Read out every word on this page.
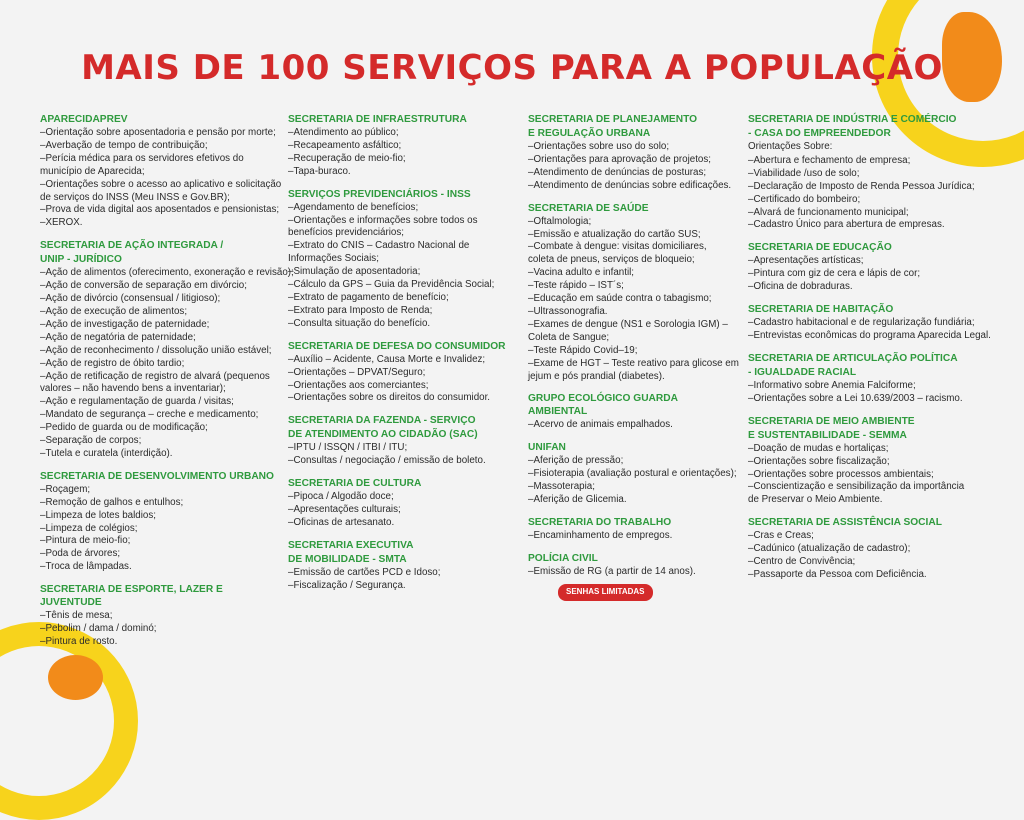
MAIS DE 100 SERVIÇOS PARA A POPULAÇÃO
APARECIDAPREV
–Orientação sobre aposentadoria e pensão por morte;
–Averbação de tempo de contribuição;
–Perícia médica para os servidores efetivos do
município de Aparecida;
–Orientações sobre o acesso ao aplicativo e solicitação
de serviços do INSS (Meu INSS e Gov.BR);
–Prova de vida digital aos aposentados e pensionistas;
–XEROX.
SECRETARIA DE AÇÃO INTEGRADA /
UNIP - JURÍDICO
–Ação de alimentos (oferecimento, exoneração e revisão);
–Ação de conversão de separação em divórcio;
–Ação de divórcio (consensual / litigioso);
–Ação de execução de alimentos;
–Ação de investigação de paternidade;
–Ação de negatória de paternidade;
–Ação de reconhecimento / dissolução união estável;
–Ação de registro de óbito tardio;
–Ação de retificação de registro de alvará (pequenos
valores – não havendo bens a inventariar);
–Ação e regulamentação de guarda / visitas;
–Mandato de segurança – creche e medicamento;
–Pedido de guarda ou de modificação;
–Separação de corpos;
–Tutela e curatela (interdição).
SECRETARIA DE DESENVOLVIMENTO URBANO
–Roçagem;
–Remoção de galhos e entulhos;
–Limpeza de lotes baldios;
–Limpeza de colégios;
–Pintura de meio-fio;
–Poda de árvores;
–Troca de lâmpadas.
SECRETARIA DE ESPORTE, LAZER E JUVENTUDE
–Tênis de mesa;
–Pebolim / dama / dominó;
–Pintura de rosto.
SECRETARIA DE INFRAESTRUTURA
–Atendimento ao público;
–Recapeamento asfáltico;
–Recuperação de meio-fio;
–Tapa-buraco.
SERVIÇOS PREVIDENCIÁRIOS - INSS
–Agendamento de benefícios;
–Orientações e informações sobre todos os
benefícios previdenciários;
–Extrato do CNIS – Cadastro Nacional de
Informações Sociais;
–Simulação de aposentadoria;
–Cálculo da GPS – Guia da Previdência Social;
–Extrato de pagamento de benefício;
–Extrato para Imposto de Renda;
–Consulta situação do benefício.
SECRETARIA DE DEFESA DO CONSUMIDOR
–Auxílio – Acidente, Causa Morte e Invalidez;
–Orientações – DPVAT/Seguro;
–Orientações aos comerciantes;
–Orientações sobre os direitos do consumidor.
SECRETARIA DA FAZENDA - SERVIÇO
DE ATENDIMENTO AO CIDADÃO (SAC)
–IPTU / ISSQN / ITBI / ITU;
–Consultas / negociação / emissão de boleto.
SECRETARIA DE CULTURA
–Pipoca / Algodão doce;
–Apresentações culturais;
–Oficinas de artesanato.
SECRETARIA EXECUTIVA
DE MOBILIDADE - SMTA
–Emissão de cartões PCD e Idoso;
–Fiscalização / Segurança.
SECRETARIA DE PLANEJAMENTO
E REGULAÇÃO URBANA
–Orientações sobre uso do solo;
–Orientações para aprovação de projetos;
–Atendimento de denúncias de posturas;
–Atendimento de denúncias sobre edificações.
SECRETARIA DE SAÚDE
–Oftalmologia;
–Emissão e atualização do cartão SUS;
–Combate à dengue: visitas domiciliares,
coleta de pneus, serviços de bloqueio;
–Vacina adulto e infantil;
–Teste rápido – IST´s;
–Educação em saúde contra o tabagismo;
–Ultrassonografia.
–Exames de dengue (NS1 e Sorologia IGM) –
Coleta de Sangue;
–Teste Rápido Covid–19;
–Exame de HGT – Teste reativo para glicose em
jejum e pós prandial (diabetes).
GRUPO ECOLÓGICO GUARDA AMBIENTAL
–Acervo de animais empalhados.
UNIFAN
–Aferição de pressão;
–Fisioterapia (avaliação postural e orientações);
–Massoterapia;
–Aferição de Glicemia.
SECRETARIA DO TRABALHO
–Encaminhamento de empregos.
POLÍCIA CIVIL
–Emissão de RG (a partir de 14 anos).
SENHAS LIMITADAS
SECRETARIA DE INDÚSTRIA E COMÉRCIO
- CASA DO EMPREENDEDOR
Orientações Sobre:
–Abertura e fechamento de empresa;
–Viabilidade /uso de solo;
–Declaração de Imposto de Renda Pessoa Jurídica;
–Certificado do bombeiro;
–Alvará de funcionamento municipal;
–Cadastro Único para abertura de empresas.
SECRETARIA DE EDUCAÇÃO
–Apresentações artísticas;
–Pintura com giz de cera e lápis de cor;
–Oficina de dobraduras.
SECRETARIA DE HABITAÇÃO
–Cadastro habitacional e de regularização fundiária;
–Entrevistas econômicas do programa Aparecida Legal.
SECRETARIA DE ARTICULAÇÃO POLÍTICA
- IGUALDADE RACIAL
–Informativo sobre Anemia Falciforme;
–Orientações sobre a Lei 10.639/2003 – racismo.
SECRETARIA DE MEIO AMBIENTE
E SUSTENTABILIDADE - SEMMA
–Doação de mudas e hortaliças;
–Orientações sobre fiscalização;
–Orientações sobre processos ambientais;
–Conscientização e sensibilização da importância
de Preservar o Meio Ambiente.
SECRETARIA DE ASSISTÊNCIA SOCIAL
–Cras e Creas;
–Cadúnico (atualização de cadastro);
–Centro de Convivência;
–Passaporte da Pessoa com Deficiência.
